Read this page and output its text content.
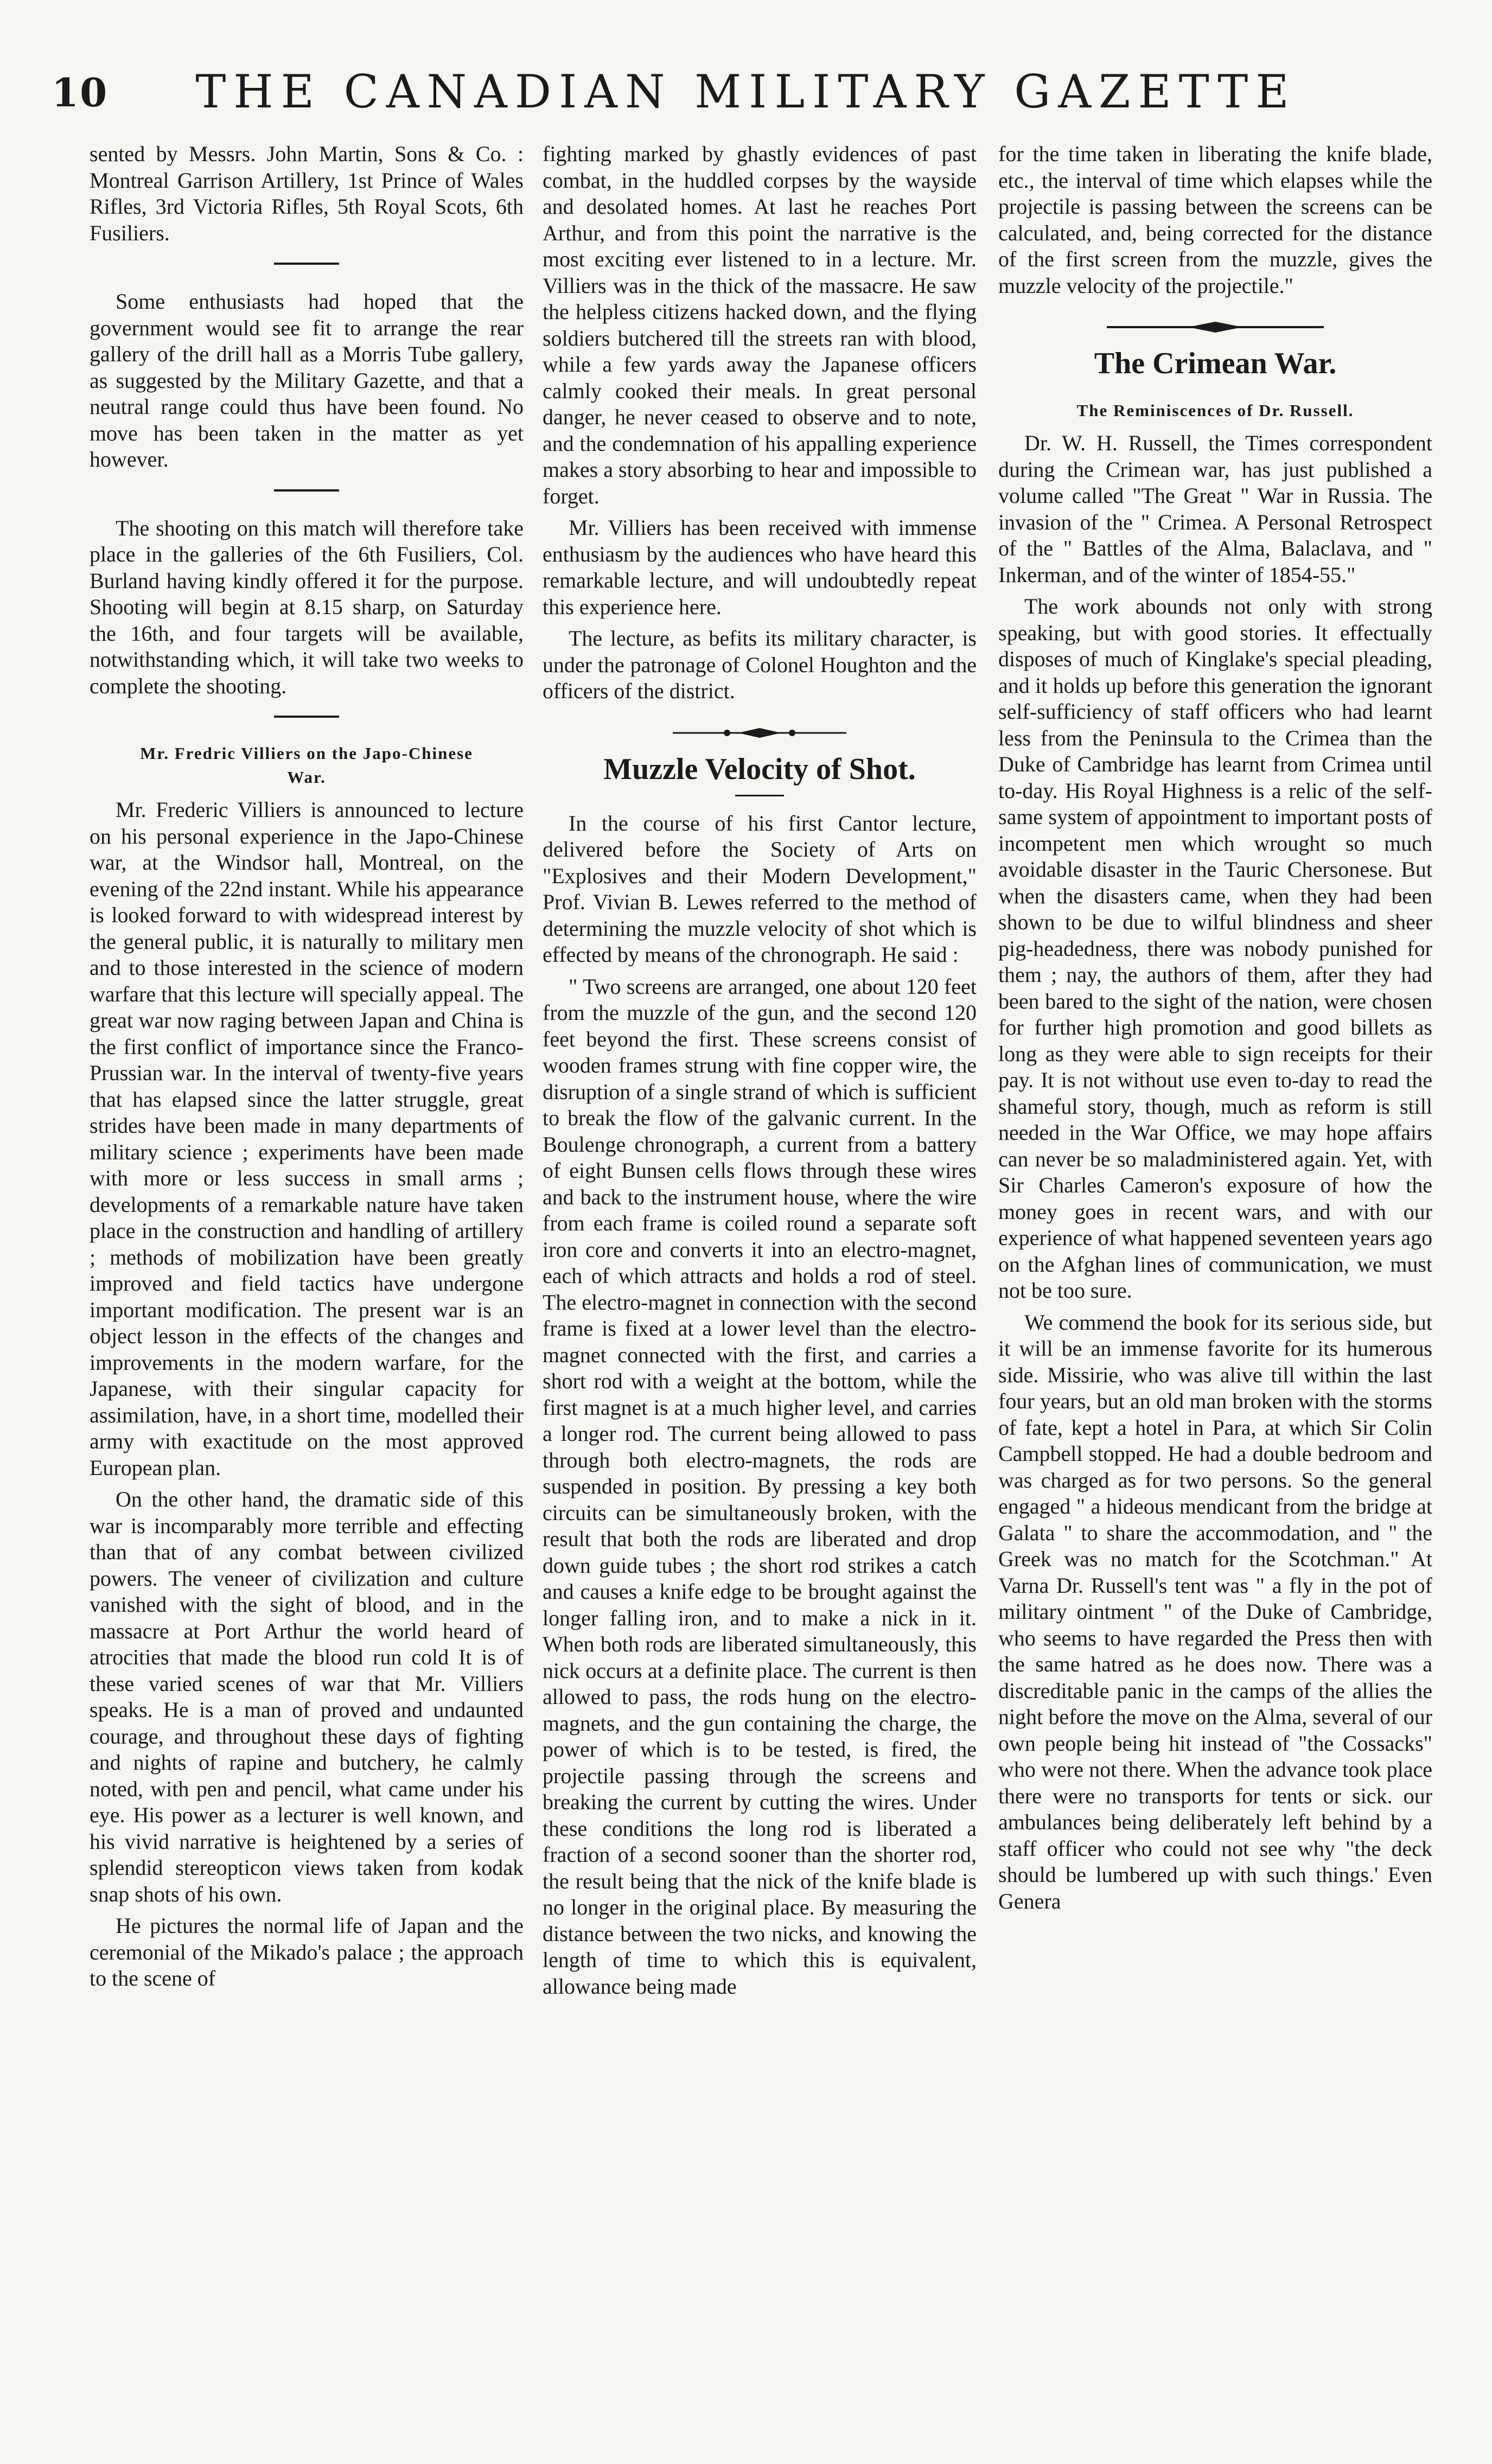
10	THE CANADIAN MILITARY GAZETTE

sented by Messrs. John Martin, Sons & Co. : Montreal Garrison Artillery, 1st Prince of Wales Rifles, 3rd Victoria Rifles, 5th Royal Scots, 6th Fusiliers.

Some enthusiasts had hoped that the government would see fit to arrange the rear gallery of the drill hall as a Morris Tube gallery, as suggested by the Military Gazette, and that a neutral range could thus have been found. No move has been taken in the matter as yet however.

The shooting on this match will therefore take place in the galleries of the 6th Fusiliers, Col. Burland having kindly offered it for the purpose. Shooting will begin at 8.15 sharp, on Saturday the 16th, and four targets will be available, notwithstanding which, it will take two weeks to complete the shooting.

Mr. Fredric Villiers on the Japo-Chinese War.

Mr. Frederic Villiers is announced to lecture on his personal experience in the Japo-Chinese war, at the Windsor hall, Montreal, on the evening of the 22nd instant. While his appearance is looked forward to with widespread interest by the general public, it is naturally to military men and to those interested in the science of modern warfare that this lecture will specially appeal. The great war now raging between Japan and China is the first conflict of importance since the Franco-Prussian war. In the interval of twenty-five years that has elapsed since the latter struggle, great strides have been made in many departments of military science ; experiments have been made with more or less success in small arms ; developments of a remarkable nature have taken place in the construction and handling of artillery ; methods of mobilization have been greatly improved and field tactics have undergone important modification. The present war is an object lesson in the effects of the changes and improvements in the modern warfare, for the Japanese, with their singular capacity for assimilation, have, in a short time, modelled their army with exactitude on the most approved European plan.

On the other hand, the dramatic side of this war is incomparably more terrible and effecting than that of any combat between civilized powers. The veneer of civilization and culture vanished with the sight of blood, and in the massacre at Port Arthur the world heard of atrocities that made the blood run cold It is of these varied scenes of war that Mr. Villiers speaks. He is a man of proved and undaunted courage, and throughout these days of fighting and nights of rapine and butchery, he calmly noted, with pen and pencil, what came under his eye. His power as a lecturer is well known, and his vivid narrative is heightened by a series of splendid stereopticon views taken from kodak snap shots of his own.

He pictures the normal life of Japan and the ceremonial of the Mikado's palace ; the approach to the scene of

fighting marked by ghastly evidences of past combat, in the huddled corpses by the wayside and desolated homes. At last he reaches Port Arthur, and from this point the narrative is the most exciting ever listened to in a lecture. Mr. Villiers was in the thick of the massacre. He saw the helpless citizens hacked down, and the flying soldiers butchered till the streets ran with blood, while a few yards away the Japanese officers calmly cooked their meals. In great personal danger, he never ceased to observe and to note, and the condemnation of his appalling experience makes a story absorbing to hear and impossible to forget.

Mr. Villiers has been received with immense enthusiasm by the audiences who have heard this remarkable lecture, and will undoubtedly repeat this experience here.

The lecture, as befits its military character, is under the patronage of Colonel Houghton and the officers of the district.

Muzzle Velocity of Shot.

In the course of his first Cantor lecture, delivered before the Society of Arts on "Explosives and their Modern Development," Prof. Vivian B. Lewes referred to the method of determining the muzzle velocity of shot which is effected by means of the chronograph. He said :

" Two screens are arranged, one about 120 feet from the muzzle of the gun, and the second 120 feet beyond the first. These screens consist of wooden frames strung with fine copper wire, the disruption of a single strand of which is sufficient to break the flow of the galvanic current. In the Boulenge chronograph, a current from a battery of eight Bunsen cells flows through these wires and back to the instrument house, where the wire from each frame is coiled round a separate soft iron core and converts it into an electro-magnet, each of which attracts and holds a rod of steel. The electro-magnet in connection with the second frame is fixed at a lower level than the electro-magnet connected with the first, and carries a short rod with a weight at the bottom, while the first magnet is at a much higher level, and carries a longer rod. The current being allowed to pass through both electro-magnets, the rods are suspended in position. By pressing a key both circuits can be simultaneously broken, with the result that both the rods are liberated and drop down guide tubes ; the short rod strikes a catch and causes a knife edge to be brought against the longer falling iron, and to make a nick in it. When both rods are liberated simultaneously, this nick occurs at a definite place. The current is then allowed to pass, the rods hung on the electro-magnets, and the gun containing the charge, the power of which is to be tested, is fired, the projectile passing through the screens and breaking the current by cutting the wires. Under these conditions the long rod is liberated a fraction of a second sooner than the shorter rod, the result being that the nick of the knife blade is no longer in the original place. By measuring the distance between the two nicks, and knowing the length of time to which this is equivalent, allowance being made

for the time taken in liberating the knife blade, etc., the interval of time which elapses while the projectile is passing between the screens can be calculated, and, being corrected for the distance of the first screen from the muzzle, gives the muzzle velocity of the projectile."

The Crimean War.
The Reminiscences of Dr. Russell.

Dr. W. H. Russell, the Times correspondent during the Crimean war, has just published a volume called "The Great " War in Russia. The invasion of the " Crimea. A Personal Retrospect of the " Battles of the Alma, Balaclava, and " Inkerman, and of the winter of 1854-55."

The work abounds not only with strong speaking, but with good stories. It effectually disposes of much of Kinglake's special pleading, and it holds up before this generation the ignorant self-sufficiency of staff officers who had learnt less from the Peninsula to the Crimea than the Duke of Cambridge has learnt from Crimea until to-day. His Royal Highness is a relic of the self-same system of appointment to important posts of incompetent men which wrought so much avoidable disaster in the Tauric Chersonese. But when the disasters came, when they had been shown to be due to wilful blindness and sheer pig-headedness, there was nobody punished for them ; nay, the authors of them, after they had been bared to the sight of the nation, were chosen for further high promotion and good billets as long as they were able to sign receipts for their pay. It is not without use even to-day to read the shameful story, though, much as reform is still needed in the War Office, we may hope affairs can never be so maladministered again. Yet, with Sir Charles Cameron's exposure of how the money goes in recent wars, and with our experience of what happened seventeen years ago on the Afghan lines of communication, we must not be too sure.

We commend the book for its serious side, but it will be an immense favorite for its humerous side. Missirie, who was alive till within the last four years, but an old man broken with the storms of fate, kept a hotel in Para, at which Sir Colin Campbell stopped. He had a double bedroom and was charged as for two persons. So the general engaged " a hideous mendicant from the bridge at Galata " to share the accommodation, and " the Greek was no match for the Scotchman." At Varna Dr. Russell's tent was " a fly in the pot of military ointment " of the Duke of Cambridge, who seems to have regarded the Press then with the same hatred as he does now. There was a discreditable panic in the camps of the allies the night before the move on the Alma, several of our own people being hit instead of "the Cossacks" who were not there. When the advance took place there were no transports for tents or sick. our ambulances being deliberately left behind by a staff officer who could not see why "the deck should be lumbered up with such things.' Even Genera
